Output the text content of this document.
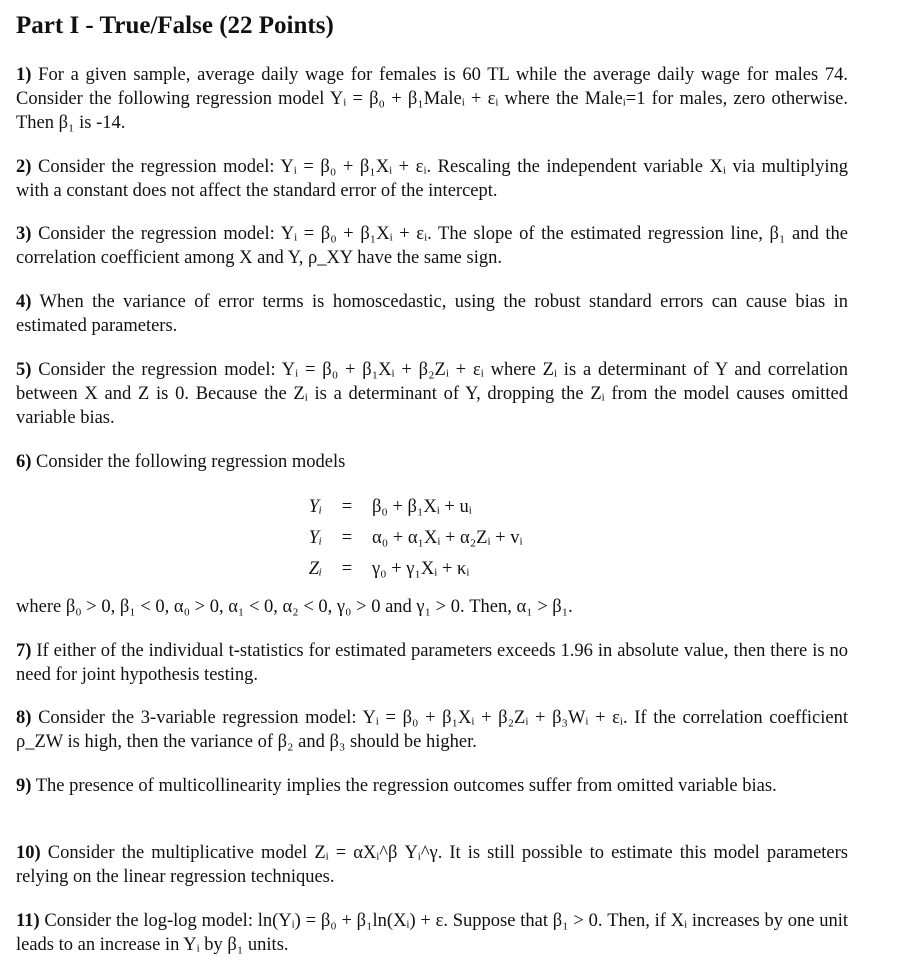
Part I - True/False (22 Points)
1) For a given sample, average daily wage for females is 60 TL while the average daily wage for males 74. Consider the following regression model Yᵢ = β₀ + β₁Maleᵢ + εᵢ where the Maleᵢ=1 for males, zero otherwise. Then β₁ is -14.
2) Consider the regression model: Yᵢ = β₀ + β₁Xᵢ + εᵢ. Rescaling the independent variable Xᵢ via multiplying with a constant does not affect the standard error of the intercept.
3) Consider the regression model: Yᵢ = β₀ + β₁Xᵢ + εᵢ. The slope of the estimated regression line, β₁ and the correlation coefficient among X and Y, ρ_XY have the same sign.
4) When the variance of error terms is homoscedastic, using the robust standard errors can cause bias in estimated parameters.
5) Consider the regression model: Yᵢ = β₀ + β₁Xᵢ + β₂Zᵢ + εᵢ where Zᵢ is a determinant of Y and correlation between X and Z is 0. Because the Zᵢ is a determinant of Y, dropping the Zᵢ from the model causes omitted variable bias.
6) Consider the following regression models
Yᵢ	=	β₀ + β₁Xᵢ + uᵢ
Yᵢ	=	α₀ + α₁Xᵢ + α₂Zᵢ + vᵢ
Zᵢ	=	γ₀ + γ₁Xᵢ + κᵢ
where β₀ > 0, β₁ < 0, α₀ > 0, α₁ < 0, α₂ < 0, γ₀ > 0 and γ₁ > 0. Then, α₁ > β₁.
7) If either of the individual t-statistics for estimated parameters exceeds 1.96 in absolute value, then there is no need for joint hypothesis testing.
8) Consider the 3-variable regression model: Yᵢ = β₀ + β₁Xᵢ + β₂Zᵢ + β₃Wᵢ + εᵢ. If the correlation coefficient ρ_ZW is high, then the variance of β₂ and β₃ should be higher.
9) The presence of multicollinearity implies the regression outcomes suffer from omitted variable bias.
10) Consider the multiplicative model Zᵢ = αXᵢ^β Yᵢ^γ. It is still possible to estimate this model parameters relying on the linear regression techniques.
11) Consider the log-log model: ln(Yᵢ) = β₀ + β₁ln(Xᵢ) + ε. Suppose that β₁ > 0. Then, if Xᵢ increases by one unit leads to an increase in Yᵢ by β₁ units.
